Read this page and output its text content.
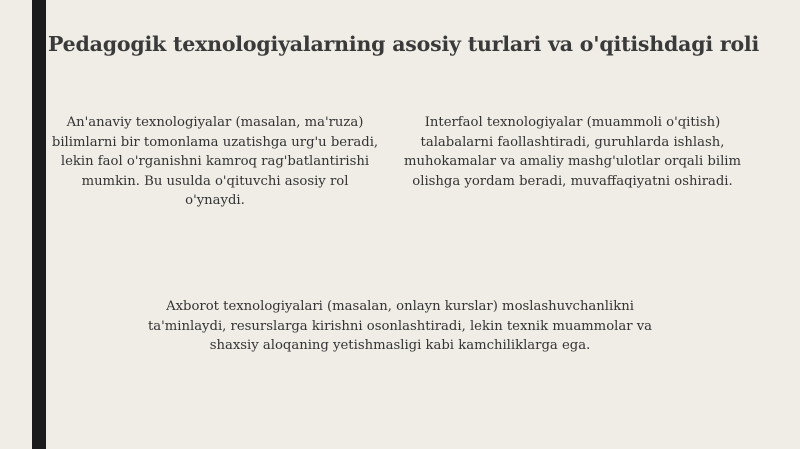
Pedagogik texnologiyalarning asosiy turlari va o'qitishdagi roli

An'anaviy texnologiyalar (masalan, ma'ruza) bilimlarni bir tomonlama uzatishga urg'u beradi, lekin faol o'rganishni kamroq rag'batlantirishi mumkin. Bu usulda o'qituvchi asosiy rol o'ynaydi.

Interfaol texnologiyalar (muammoli o'qitish) talabalarni faollashtiradi, guruhlarda ishlash, muhokamalar va amaliy mashg'ulotlar orqali bilim olishga yordam beradi, muvaffaqiyatni oshiradi.

Axborot texnologiyalari (masalan, onlayn kurslar) moslashuvchanlikni ta'minlaydi, resurslarga kirishni osonlashtiradi, lekin texnik muammolar va shaxsiy aloqaning yetishmasligi kabi kamchiliklarga ega.
